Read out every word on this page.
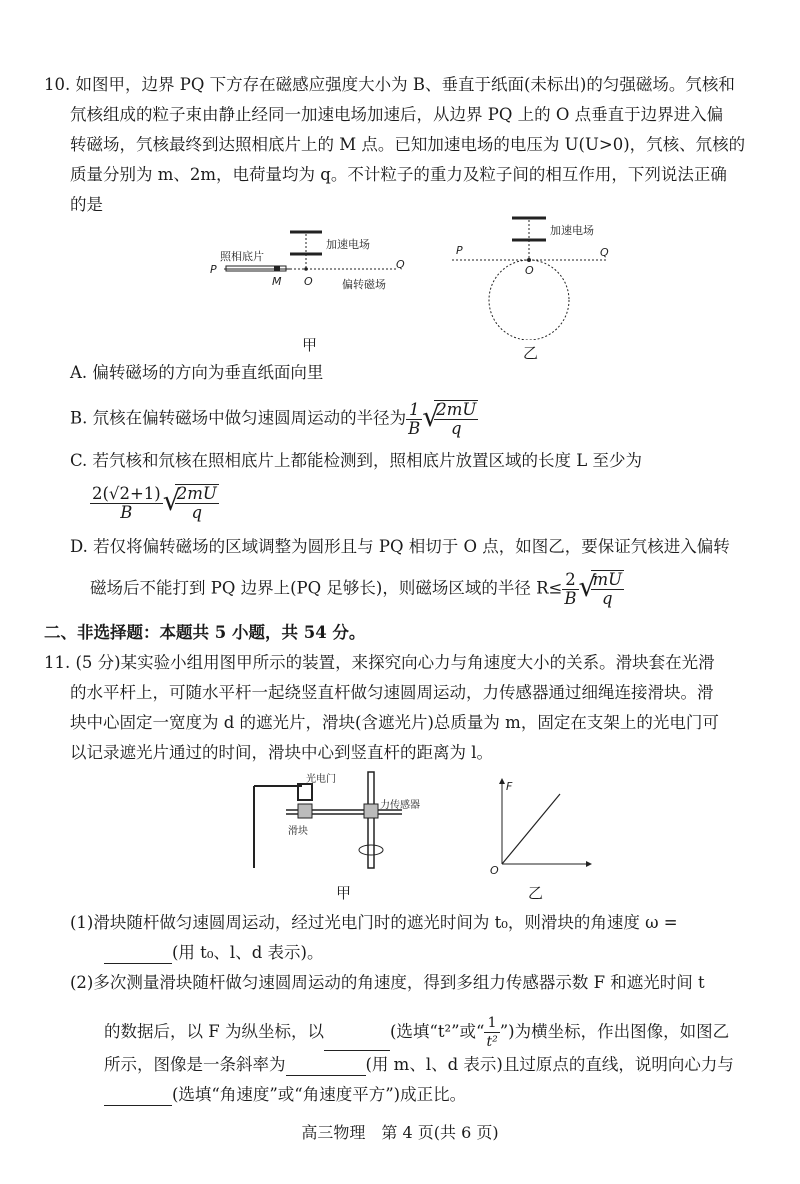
10. 如图甲，边界 PQ 下方存在磁感应强度大小为 B、垂直于纸面(未标出)的匀强磁场。氕核和
氘核组成的粒子束由静止经同一加速电场加速后，从边界 PQ 上的 O 点垂直于边界进入偏
转磁场，氕核最终到达照相底片上的 M 点。已知加速电场的电压为 U(U>0)，氕核、氘核的
质量分别为 m、2m，电荷量均为 q。不计粒子的重力及粒子间的相互作用，下列说法正确
的是
加速电场
照相底片
P	Q
M O	偏转磁场
甲
加速电场
P	Q
O
乙
A. 偏转磁场的方向为垂直纸面向里
B. 氘核在偏转磁场中做匀速圆周运动的半径为 $\frac{1}{B}$ √
$\frac{2mU}{q}$
C. 若氕核和氘核在照相底片上都能检测到，照相底片放置区域的长度 L 至少为
$\frac{2(√2+1)}{B}$ √
$\frac{2mU}{q}$
D. 若仅将偏转磁场的区域调整为圆形且与 PQ 相切于 O 点，如图乙，要保证氕核进入偏转
磁场后不能打到 PQ 边界上(PQ 足够长)，则磁场区域的半径 $R\le \frac{2}{B}$ √
$\frac{mU}{q}$
二、非选择题：本题共 5 小题，共 54 分。
11. (5 分)某实验小组用图甲所示的装置，来探究向心力与角速度大小的关系。滑块套在光滑
的水平杆上，可随水平杆一起绕竖直杆做匀速圆周运动，力传感器通过细绳连接滑块。滑
块中心固定一宽度为 d 的遮光片，滑块(含遮光片)总质量为 m，固定在支架上的光电门可
以记录遮光片通过的时间，滑块中心到竖直杆的距离为 l。
光电门
力传感器
滑块
甲
F
O
乙
(1)滑块随杆做匀速圆周运动，经过光电门时的遮光时间为 t₀，则滑块的角速度 ω =
(用 t₀、l、d 表示)。
(2)多次测量滑块随杆做匀速圆周运动的角速度，得到多组力传感器示数 F 和遮光时间 t
的数据后，以 F 为纵坐标，以	(选填“t²”或“ $\frac{1}{\text{t²}}$ ”)为横坐标，作出图像，如图乙
所示，图像是一条斜率为	(用 m、l、d 表示)且过原点的直线，说明向心力与
(选填“角速度”或“角速度平方”)成正比。
高三物理　第 4 页(共 6 页)
